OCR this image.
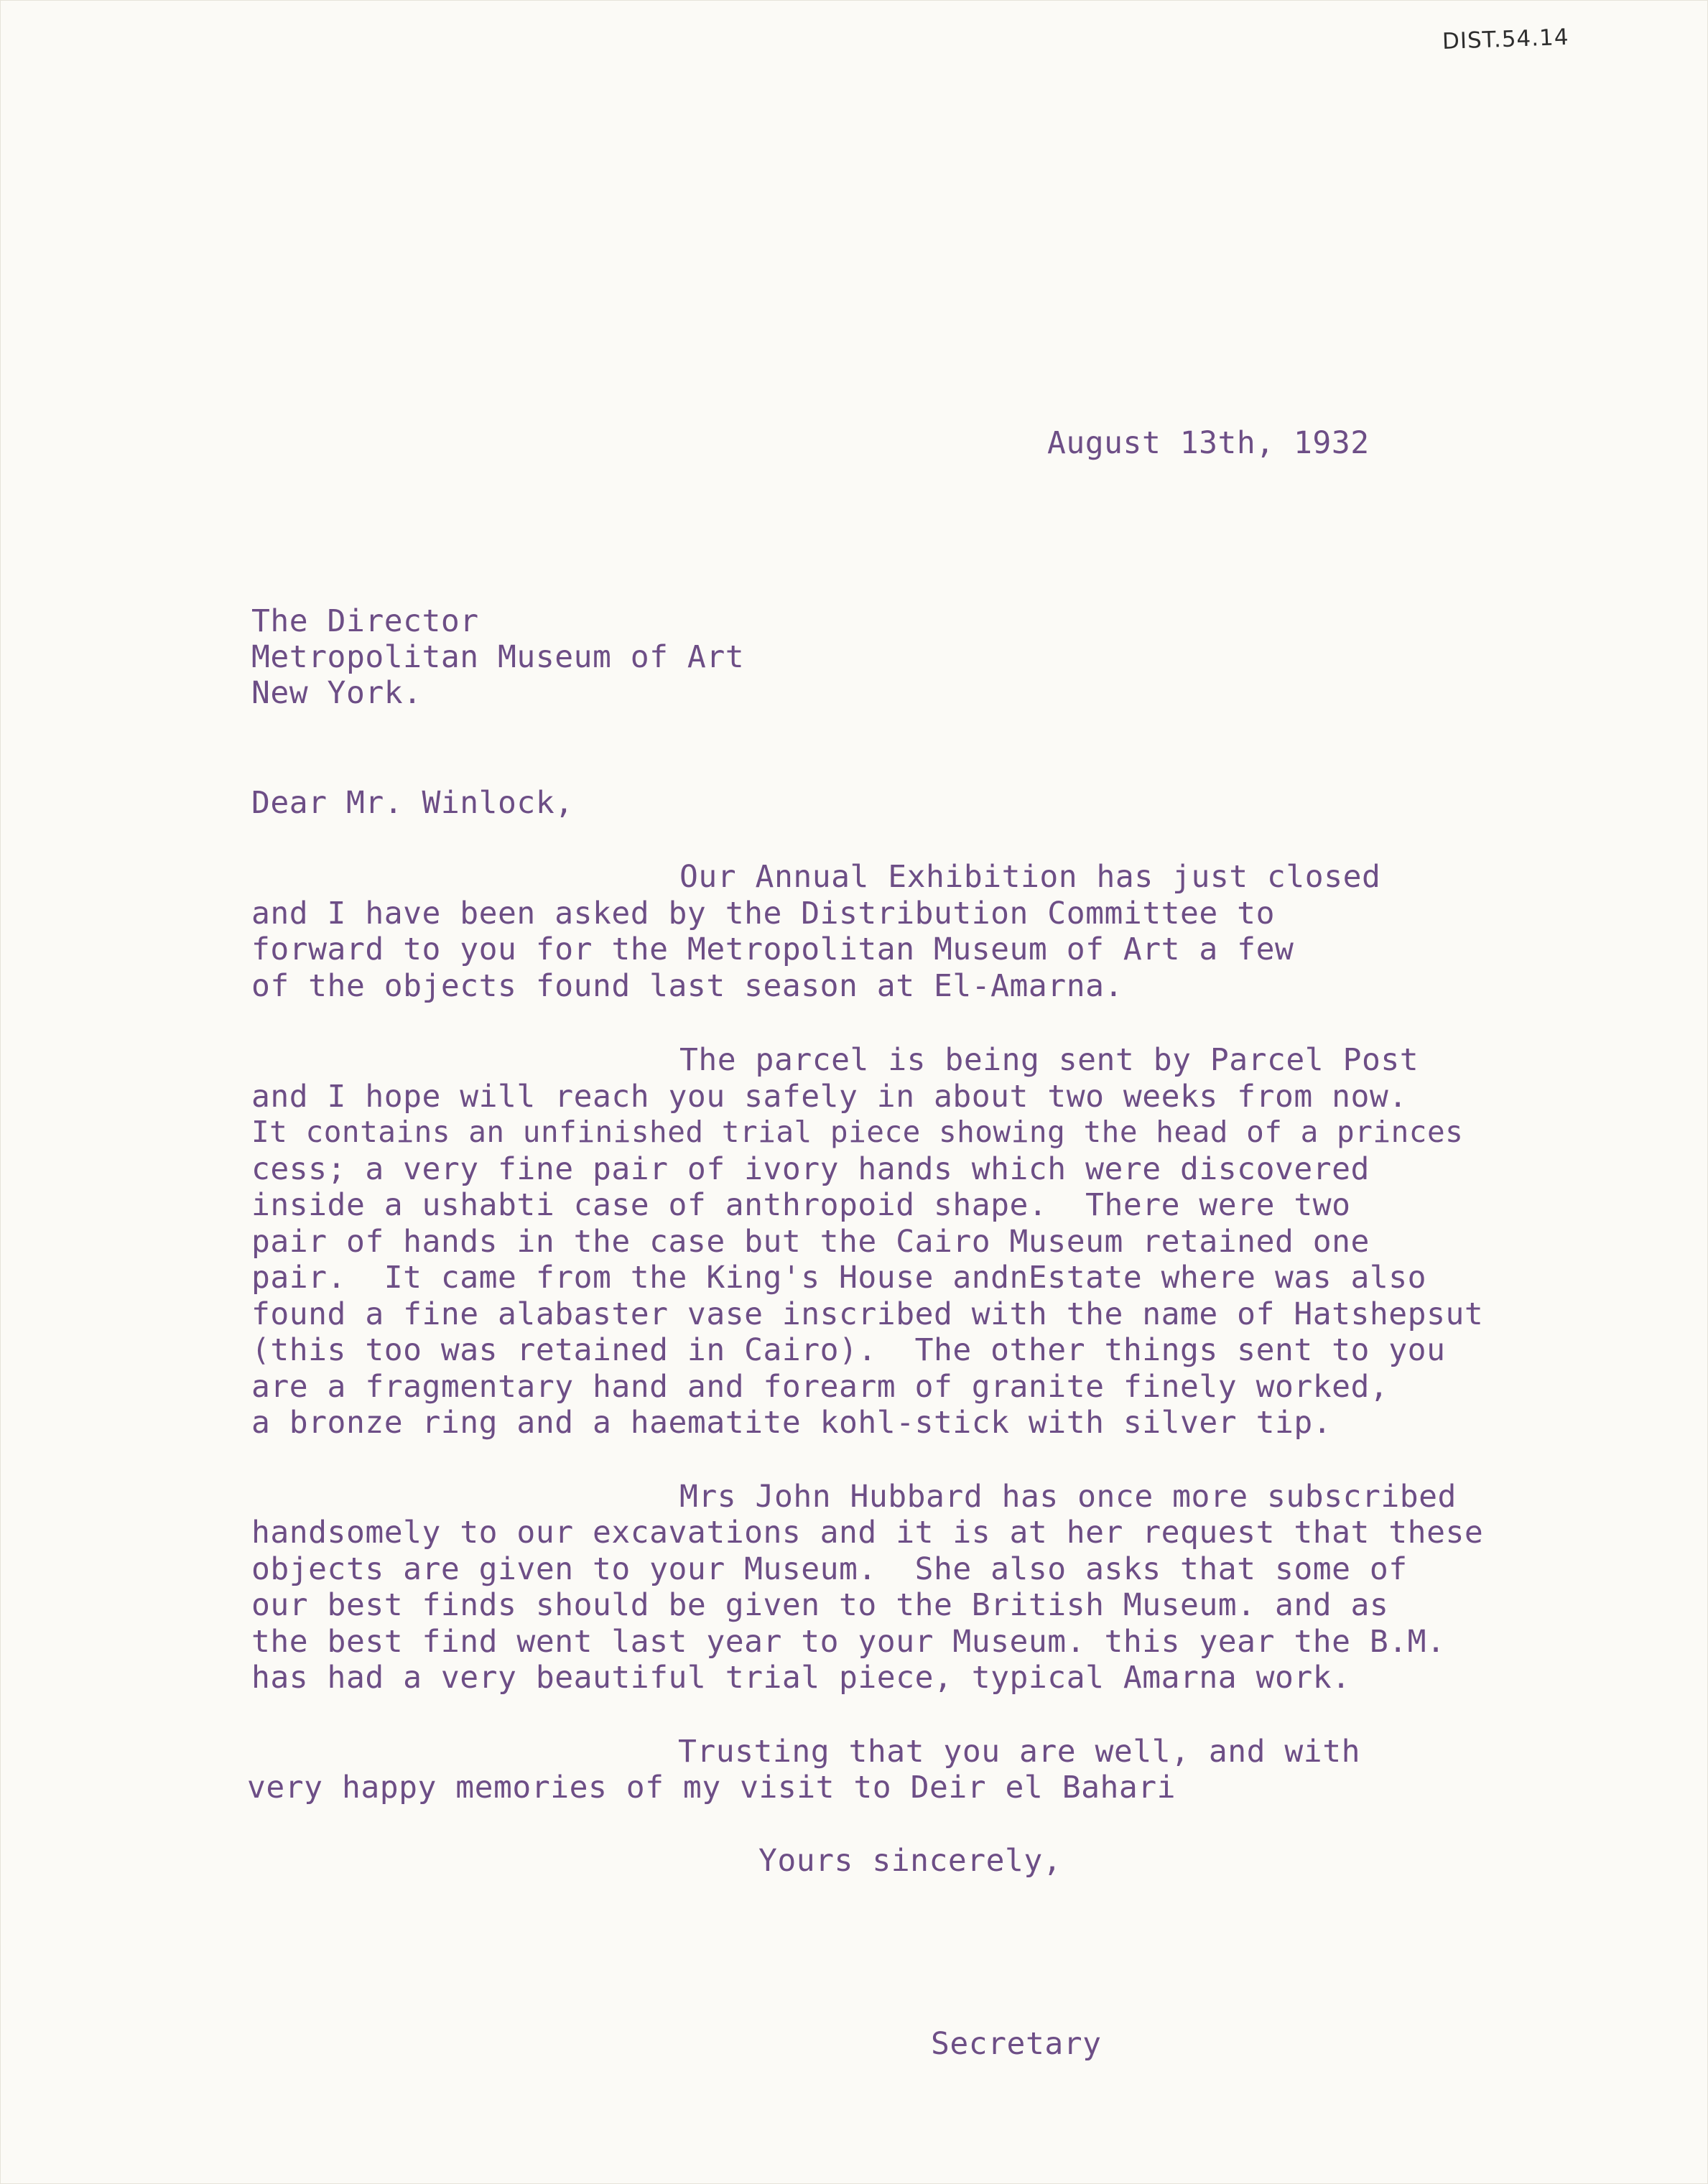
DIST.54.14
August 13th, 1932
The Director
Metropolitan Museum of Art
New York.
Dear Mr. Winlock,
Our Annual Exhibition has just closed
and I have been asked by the Distribution Committee to
forward to you for the Metropolitan Museum of Art a few
of the objects found last season at El-Amarna.
The parcel is being sent by Parcel Post
and I hope will reach you safely in about two weeks from now.
It contains an unfinished trial piece showing the head of a princes
cess; a very fine pair of ivory hands which were discovered
inside a ushabti case of anthropoid shape.  There were two
pair of hands in the case but the Cairo Museum retained one
pair.  It came from the King's House andnEstate where was also
found a fine alabaster vase inscribed with the name of Hatshepsut
(this too was retained in Cairo).  The other things sent to you
are a fragmentary hand and forearm of granite finely worked,
a bronze ring and a haematite kohl-stick with silver tip.
Mrs John Hubbard has once more subscribed
handsomely to our excavations and it is at her request that these
objects are given to your Museum.  She also asks that some of
our best finds should be given to the British Museum. and as
the best find went last year to your Museum. this year the B.M.
has had a very beautiful trial piece, typical Amarna work.
Trusting that you are well, and with
very happy memories of my visit to Deir el Bahari
Yours sincerely,
Secretary
